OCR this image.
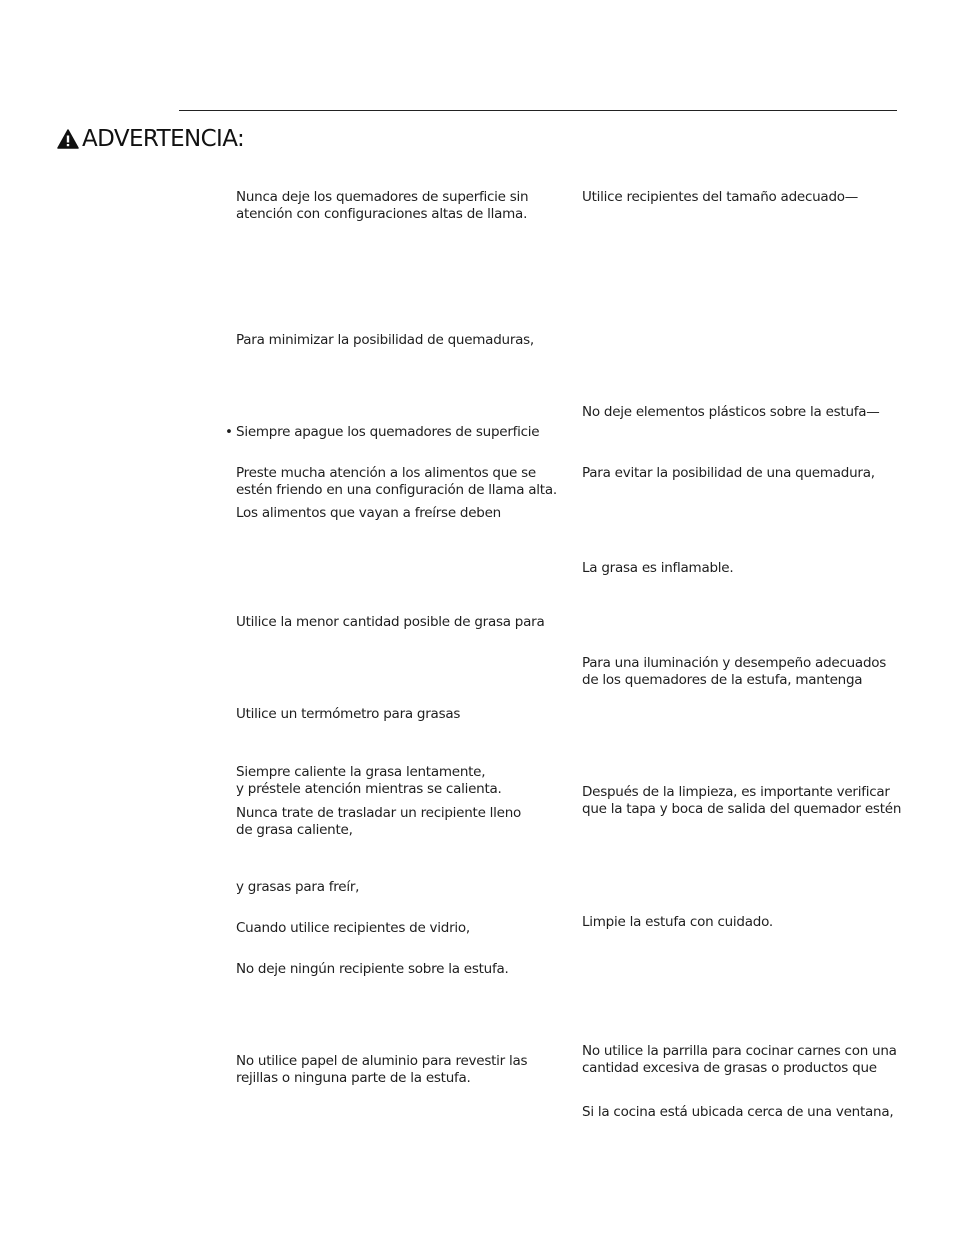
ADVERTENCIA:
Nunca deje los quemadores de superficie sin
atención con configuraciones altas de llama.
Para minimizar la posibilidad de quemaduras,
• Siempre apague los quemadores de superficie
Preste mucha atención a los alimentos que se
estén friendo en una configuración de llama alta.
Los alimentos que vayan a freírse deben
Utilice la menor cantidad posible de grasa para
Utilice un termómetro para grasas
Siempre caliente la grasa lentamente,
y préstele atención mientras se calienta.
Nunca trate de trasladar un recipiente lleno
de grasa caliente,
y grasas para freír,
Cuando utilice recipientes de vidrio,
No deje ningún recipiente sobre la estufa.
No utilice papel de aluminio para revestir las
rejillas o ninguna parte de la estufa.
Utilice recipientes del tamaño adecuado—
No deje elementos plásticos sobre la estufa—
Para evitar la posibilidad de una quemadura,
La grasa es inflamable.
Para una iluminación y desempeño adecuados
de los quemadores de la estufa, mantenga
Después de la limpieza, es importante verificar
que la tapa y boca de salida del quemador estén
Limpie la estufa con cuidado.
No utilice la parrilla para cocinar carnes con una
cantidad excesiva de grasas o productos que
Si la cocina está ubicada cerca de una ventana,
